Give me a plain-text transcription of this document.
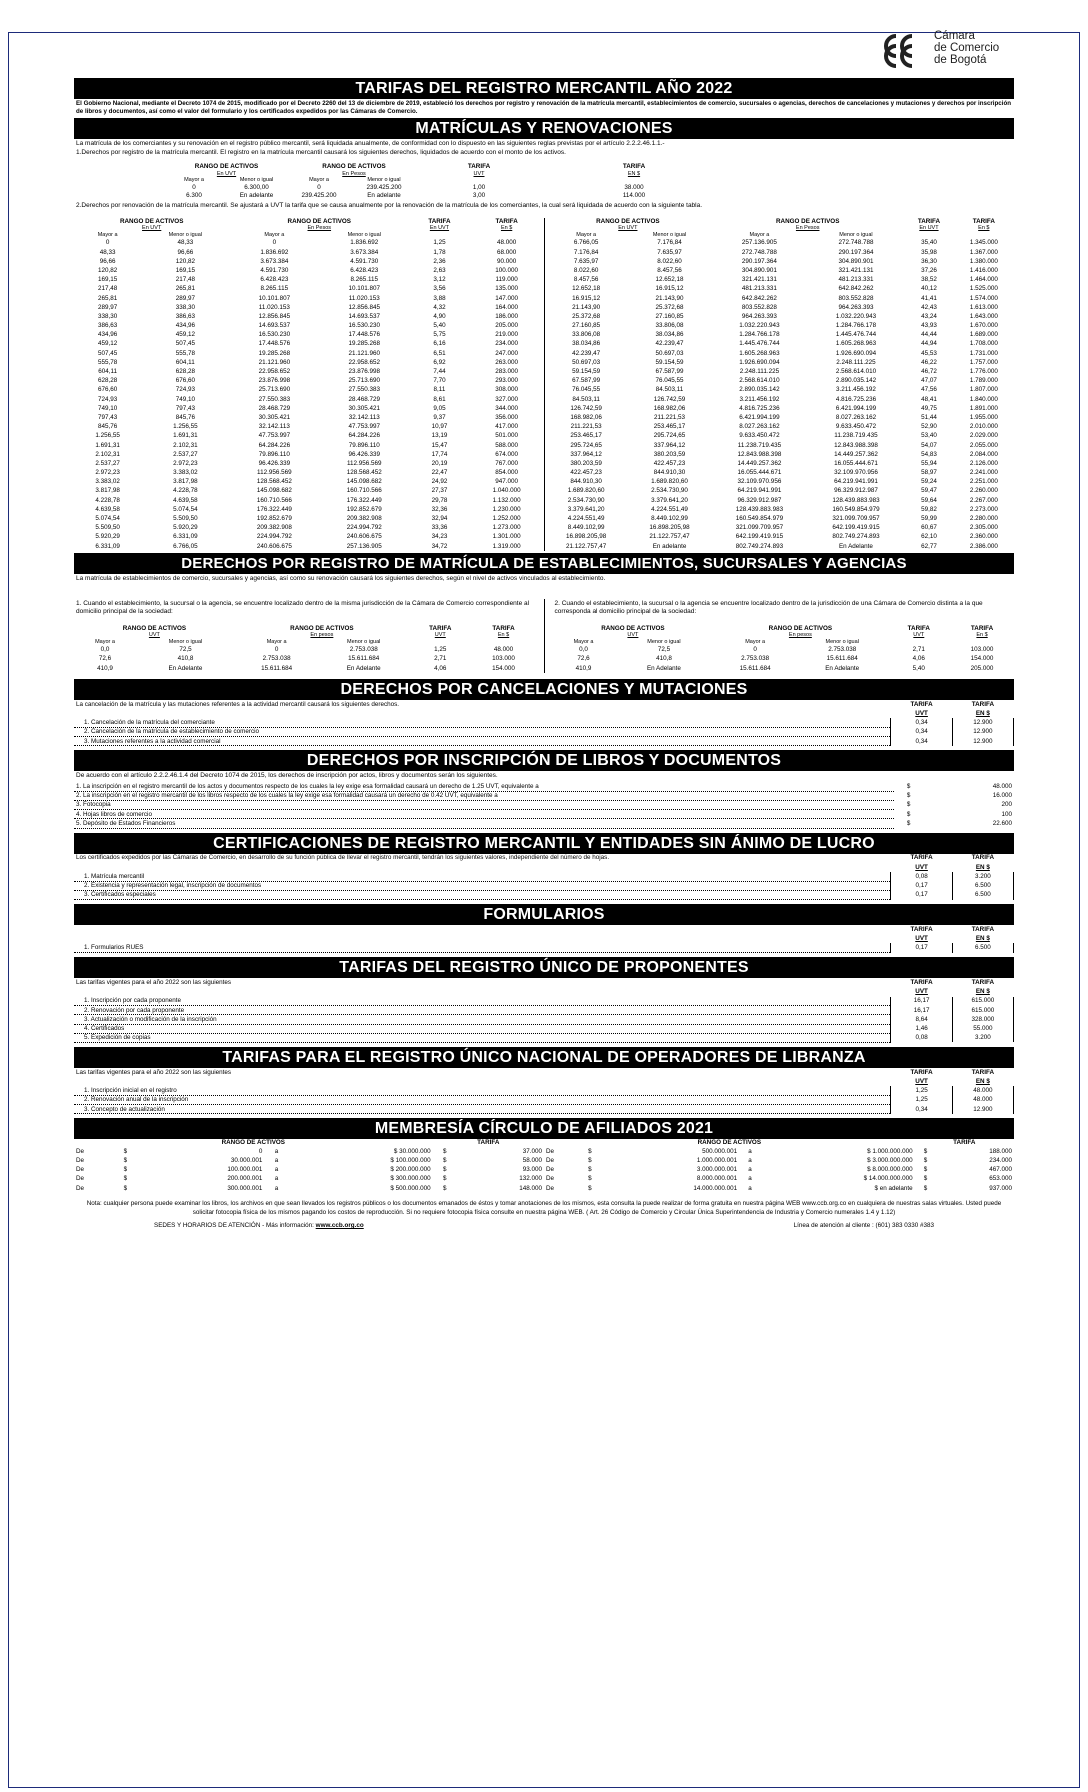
Cámara
de Comercio
de Bogotá
TARIFAS DEL REGISTRO MERCANTIL AÑO 2022
El Gobierno Nacional, mediante el Decreto 1074 de 2015, modificado por el Decreto 2260 del 13 de diciembre de 2019, estableció los derechos por registro y renovación de la matrícula mercantil, establecimientos de comercio, sucursales o agencias, derechos de cancelaciones y mutaciones y derechos por inscripción de libros y documentos, así como el valor del formulario y los certificados expedidos por las Cámaras de Comercio.
MATRÍCULAS Y RENOVACIONES
La matrícula de los comerciantes y su renovación en el registro público mercantil, será liquidada anualmente, de conformidad con lo dispuesto en las siguientes reglas previstas por el artículo 2.2.2.46.1.1.-
1.Derechos por registro de la matrícula mercantil. El registro en la matrícula mercantil causará los siguientes derechos, liquidados de acuerdo con el monto de los activos.
RANGO DE ACTIVOS		RANGO DE ACTIVOS		TARIFA	TARIFA
En UVT		En Pesos		UVT	EN $
Mayor a	Menor o igual	Mayor a	Menor o igual		
0	6.300,00	0	239.425.200	1,00	38.000
6.300	En adelante	239.425.200	En adelante	3,00	114.000
2.Derechos por renovación de la matrícula mercantil. Se ajustará a UVT la tarifa que se causa anualmente por la renovación de la matrícula de los comerciantes, la cual será liquidada de acuerdo con la siguiente tabla.
RANGO DE ACTIVOS		RANGO DE ACTIVOS		TARIFA	TARIFA
En UVT		En Pesos		En UVT	En $
Mayor a	Menor o igual	Mayor a	Menor o igual		
0	48,33	0	1.836.692	1,25	48.000
48,33	96,66	1.836.692	3.673.384	1,78	68.000
96,66	120,82	3.673.384	4.591.730	2,36	90.000
120,82	169,15	4.591.730	6.428.423	2,63	100.000
169,15	217,48	6.428.423	8.265.115	3,12	119.000
217,48	265,81	8.265.115	10.101.807	3,56	135.000
265,81	289,97	10.101.807	11.020.153	3,88	147.000
289,97	338,30	11.020.153	12.856.845	4,32	164.000
338,30	386,63	12.856.845	14.693.537	4,90	186.000
386,63	434,96	14.693.537	16.530.230	5,40	205.000
434,96	459,12	16.530.230	17.448.576	5,75	219.000
459,12	507,45	17.448.576	19.285.268	6,16	234.000
507,45	555,78	19.285.268	21.121.960	6,51	247.000
555,78	604,11	21.121.960	22.958.652	6,92	263.000
604,11	628,28	22.958.652	23.876.998	7,44	283.000
628,28	676,60	23.876.998	25.713.690	7,70	293.000
676,60	724,93	25.713.690	27.550.383	8,11	308.000
724,93	749,10	27.550.383	28.468.729	8,61	327.000
749,10	797,43	28.468.729	30.305.421	9,05	344.000
797,43	845,76	30.305.421	32.142.113	9,37	356.000
845,76	1.256,55	32.142.113	47.753.997	10,97	417.000
1.256,55	1.691,31	47.753.997	64.284.226	13,19	501.000
1.691,31	2.102,31	64.284.226	79.896.110	15,47	588.000
2.102,31	2.537,27	79.896.110	96.426.339	17,74	674.000
2.537,27	2.972,23	96.426.339	112.956.569	20,19	767.000
2.972,23	3.383,02	112.956.569	128.568.452	22,47	854.000
3.383,02	3.817,98	128.568.452	145.098.682	24,92	947.000
3.817,98	4.228,78	145.098.682	160.710.566	27,37	1.040.000
4.228,78	4.639,58	160.710.566	176.322.449	29,78	1.132.000
4.639,58	5.074,54	176.322.449	192.852.679	32,36	1.230.000
5.074,54	5.509,50	192.852.679	209.382.908	32,94	1.252.000
5.509,50	5.920,29	209.382.908	224.994.792	33,36	1.273.000
5.920,29	6.331,09	224.994.792	240.606.675	34,23	1.301.000
6.331,09	6.766,05	240.606.675	257.136.905	34,72	1.319.000
RANGO DE ACTIVOS		RANGO DE ACTIVOS		TARIFA	TARIFA
En UVT		En Pesos		En UVT	En $
Mayor a	Menor o igual	Mayor a	Menor o igual		
6.766,05	7.176,84	257.136.905	272.748.788	35,40	1.345.000
7.176,84	7.635,97	272.748.788	290.197.364	35,98	1.367.000
7.635,97	8.022,60	290.197.364	304.890.901	36,30	1.380.000
8.022,60	8.457,56	304.890.901	321.421.131	37,26	1.416.000
8.457,56	12.652,18	321.421.131	481.213.331	38,52	1.464.000
12.652,18	16.915,12	481.213.331	642.842.262	40,12	1.525.000
16.915,12	21.143,90	642.842.262	803.552.828	41,41	1.574.000
21.143,90	25.372,68	803.552.828	964.263.393	42,43	1.613.000
25.372,68	27.160,85	964.263.393	1.032.220.943	43,24	1.643.000
27.160,85	33.806,08	1.032.220.943	1.284.766.178	43,93	1.670.000
33.806,08	38.034,86	1.284.766.178	1.445.476.744	44,44	1.689.000
38.034,86	42.239,47	1.445.476.744	1.605.268.963	44,94	1.708.000
42.239,47	50.697,03	1.605.268.963	1.926.690.094	45,53	1.731.000
50.697,03	59.154,59	1.926.690.094	2.248.111.225	46,22	1.757.000
59.154,59	67.587,99	2.248.111.225	2.568.614.010	46,72	1.776.000
67.587,99	76.045,55	2.568.614.010	2.890.035.142	47,07	1.789.000
76.045,55	84.503,11	2.890.035.142	3.211.456.192	47,56	1.807.000
84.503,11	126.742,59	3.211.456.192	4.816.725.236	48,41	1.840.000
126.742,59	168.982,06	4.816.725.236	6.421.994.199	49,75	1.891.000
168.982,06	211.221,53	6.421.994.199	8.027.263.162	51,44	1.955.000
211.221,53	253.465,17	8.027.263.162	9.633.450.472	52,90	2.010.000
253.465,17	295.724,65	9.633.450.472	11.238.719.435	53,40	2.029.000
295.724,65	337.964,12	11.238.719.435	12.843.988.398	54,07	2.055.000
337.964,12	380.203,59	12.843.988.398	14.449.257.362	54,83	2.084.000
380.203,59	422.457,23	14.449.257.362	16.055.444.671	55,94	2.126.000
422.457,23	844.910,30	16.055.444.671	32.109.970.956	58,97	2.241.000
844.910,30	1.689.820,60	32.109.970.956	64.219.941.991	59,24	2.251.000
1.689.820,60	2.534.730,90	64.219.941.991	96.329.912.987	59,47	2.260.000
2.534.730,90	3.379.641,20	96.329.912.987	128.439.883.983	59,64	2.267.000
3.379.641,20	4.224.551,49	128.439.883.983	160.549.854.979	59,82	2.273.000
4.224.551,49	8.449.102,99	160.549.854.979	321.099.709.957	59,99	2.280.000
8.449.102,99	16.898.205,98	321.099.709.957	642.199.419.915	60,67	2.305.000
16.898.205,98	21.122.757,47	642.199.419.915	802.749.274.893	62,10	2.360.000
21.122.757,47	En adelante	802.749.274.893	En Adelante	62,77	2.386.000
DERECHOS POR REGISTRO DE MATRÍCULA DE ESTABLECIMIENTOS, SUCURSALES Y AGENCIAS
La matrícula de establecimientos de comercio, sucursales y agencias, así como su renovación causará los siguientes derechos, según el nivel de activos vinculados al establecimiento.
1. Cuando el establecimiento, la sucursal o la agencia, se encuentre localizado dentro de la misma jurisdicción de la Cámara de Comercio correspondiente al domicilio principal de la sociedad:
RANGO DE ACTIVOS		RANGO DE ACTIVOS		TARIFA	TARIFA
UVT		En pesos		UVT	En $
Mayor a	Menor o igual	Mayor a	Menor o igual		
0,0	72,5	0	2.753.038	1,25	48.000
72,6	410,8	2.753.038	15.611.684	2,71	103.000
410,9	En Adelante	15.611.684	En Adelante	4,06	154.000
2. Cuando el establecimiento, la sucursal o la agencia se encuentre localizado dentro de la jurisdicción de una Cámara de Comercio distinta a la que corresponda al domicilio principal de la sociedad:
RANGO DE ACTIVOS		RANGO DE ACTIVOS		TARIFA	TARIFA
UVT		En pesos		UVT	En $
Mayor a	Menor o igual	Mayor a	Menor o igual		
0,0	72,5	0	2.753.038	2,71	103.000
72,6	410,8	2.753.038	15.611.684	4,06	154.000
410,9	En Adelante	15.611.684	En Adelante	5,40	205.000
DERECHOS POR CANCELACIONES Y MUTACIONES
La cancelación de la matrícula y las mutaciones referentes a la actividad mercantil causará los siguientes derechos.	TARIFA	TARIFA
	UVT	EN $
1. Cancelación de la matrícula del comerciante	0,34	12.900
2. Cancelación de la matrícula de establecimiento de comercio	0,34	12.900
3. Mutaciones referentes a la actividad comercial	0,34	12.900
DERECHOS POR INSCRIPCIÓN DE LIBROS Y DOCUMENTOS
De acuerdo con el artículo 2.2.2.46.1.4 del Decreto 1074 de 2015, los derechos de inscripción por actos, libros y documentos serán los siguientes.
1. La inscripción en el registro mercantil de los actos y documentos respecto de los cuales la ley exige esa formalidad causará un derecho de 1.25 UVT, equivalente a	$	48.000
2. La inscripción en el registro mercantil de los libros respecto de los cuales la ley exige esa formalidad causará un derecho de 0.42 UVT, equivalente a	$	16.000
3. Fotocopia	$	200
4. Hojas libros de comercio	$	100
5. Depósito de Estados Financieros	$	22.600
CERTIFICACIONES DE REGISTRO MERCANTIL Y ENTIDADES SIN ÁNIMO DE LUCRO
Los certificados expedidos por las Cámaras de Comercio, en desarrollo de su función pública de llevar el registro mercantil, tendrán los siguientes valores, independiente del número de hojas.	TARIFA	TARIFA
	UVT	EN $
1. Matrícula mercantil	0,08	3.200
2. Existencia y representación legal, inscripción de documentos	0,17	6.500
3. Certificados especiales	0,17	6.500
FORMULARIOS
	TARIFA	TARIFA
	UVT	EN $
1. Formularios RUES	0,17	6.500
TARIFAS DEL REGISTRO ÚNICO DE PROPONENTES
Las tarifas vigentes para el año 2022 son las siguientes	TARIFA	TARIFA
	UVT	EN $
1. Inscripción por cada proponente	16,17	615.000
2. Renovación por cada proponente	16,17	615.000
3. Actualización o modificación de la inscripción	8,64	328.000
4. Certificados	1,46	55.000
5. Expedición de copias	0,08	3.200
TARIFAS PARA EL REGISTRO ÚNICO NACIONAL DE OPERADORES DE LIBRANZA
Las tarifas vigentes para el año 2022 son las siguientes	TARIFA	TARIFA
	UVT	EN $
1. Inscripción inicial en el registro	1,25	48.000
2. Renovación anual de la inscripción	1,25	48.000
3. Concepto de actualización	0,34	12.900
MEMBRESÍA CÍRCULO DE AFILIADOS 2021
RANGO DE ACTIVOS					TARIFA	
De	$	0	a	$ 30.000.000	$	37.000
De	$	30.000.001	a	$ 100.000.000	$	58.000
De	$	100.000.001	a	$ 200.000.000	$	93.000
De	$	200.000.001	a	$ 300.000.000	$	132.000
De	$	300.000.001	a	$ 500.000.000	$	148.000
RANGO DE ACTIVOS					TARIFA	
De	$	500.000.001	a	$ 1.000.000.000	$	188.000
De	$	1.000.000.001	a	$ 3.000.000.000	$	234.000
De	$	3.000.000.001	a	$ 8.000.000.000	$	467.000
De	$	8.000.000.001	a	$ 14.000.000.000	$	653.000
De	$	14.000.000.001	a	$ en adelante	$	937.000
Nota: cualquier persona puede examinar los libros, los archivos en que sean llevados los registros públicos o los documentos emanados de éstos y tomar anotaciones de los mismos, esta consulta la puede realizar de forma gratuita en nuestra página WEB www.ccb.org.co en cualquiera de nuestras salas virtuales. Usted puede solicitar fotocopia física de los mismos pagando los costos de reproducción. Si no requiere fotocopia física consulte en nuestra página WEB. ( Art. 26 Código de Comercio y Circular Única Superintendencia de Industria y Comercio numerales 1.4 y 1.12)
SEDES Y HORARIOS DE ATENCIÓN - Más información: www.ccb.org.co	Línea de atención al cliente : (601) 383 0330 #383
